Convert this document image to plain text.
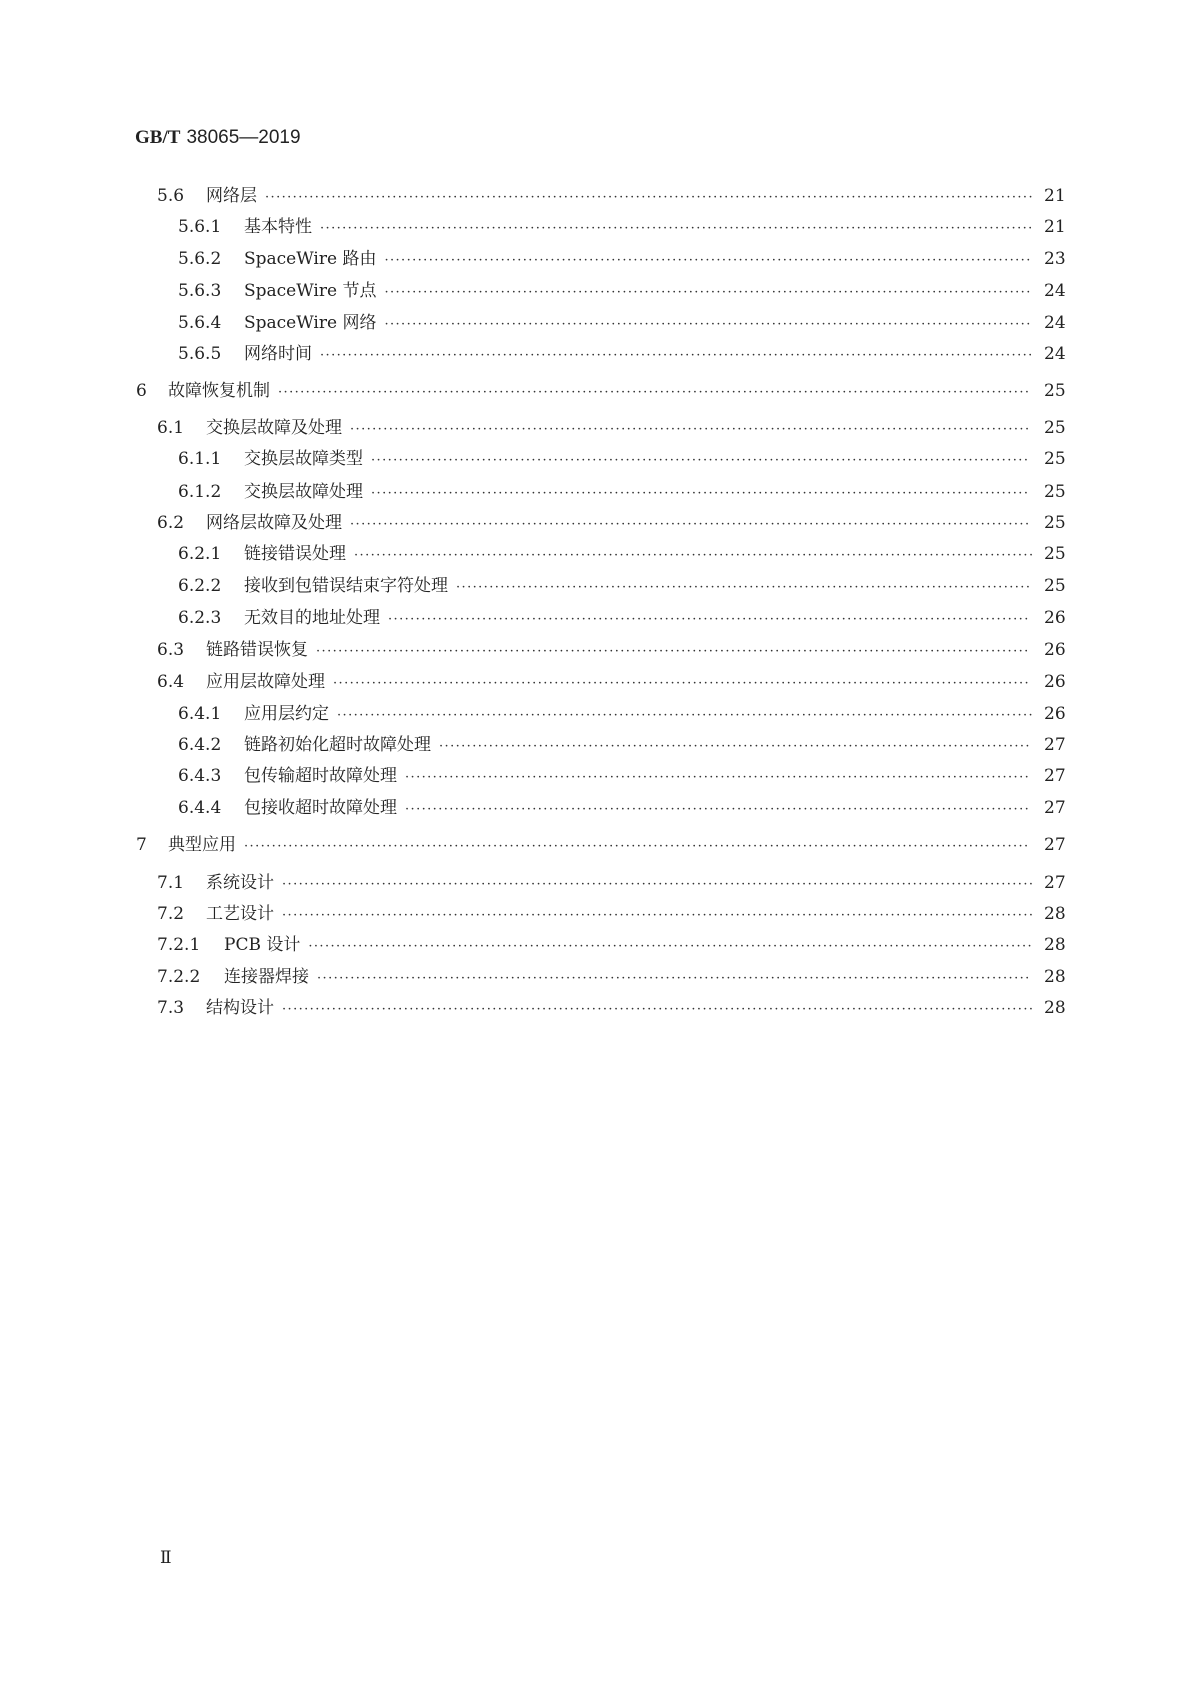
GB/T 38065—2019
5.6	网络层 ··········································································································································· 21
5.6.1	基本特性 ································································································································· 21
5.6.2	SpaceWire 路由 ····················································································································· 23
5.6.3	SpaceWire 节点 ····················································································································· 24
5.6.4	SpaceWire 网络 ····················································································································· 24
5.6.5	网络时间 ································································································································· 24
6	故障恢复机制 ········································································································································ 25
6.1	交换层故障及处理 ··························································································································· 25
6.1.1	交换层故障类型 ······················································································································· 25
6.1.2	交换层故障处理 ······················································································································· 25
6.2	网络层故障及处理 ··························································································································· 25
6.2.1	链接错误处理 ··························································································································· 25
6.2.2	接收到包错误结束字符处理 ········································································································ 25
6.2.3	无效目的地址处理 ···················································································································· 26
6.3	链路错误恢复 ································································································································· 26
6.4	应用层故障处理 ······························································································································ 26
6.4.1	应用层约定 ······························································································································ 26
6.4.2	链路初始化超时故障处理 ··········································································································· 27
6.4.3	包传输超时故障处理 ················································································································· 27
6.4.4	包接收超时故障处理 ················································································································· 27
7	典型应用 ·············································································································································· 27
7.1	系统设计 ········································································································································ 27
7.2	工艺设计 ········································································································································ 28
7.2.1	PCB 设计 ··································································································································· 28
7.2.2	连接器焊接 ································································································································· 28
7.3	结构设计 ········································································································································ 28
Ⅱ
